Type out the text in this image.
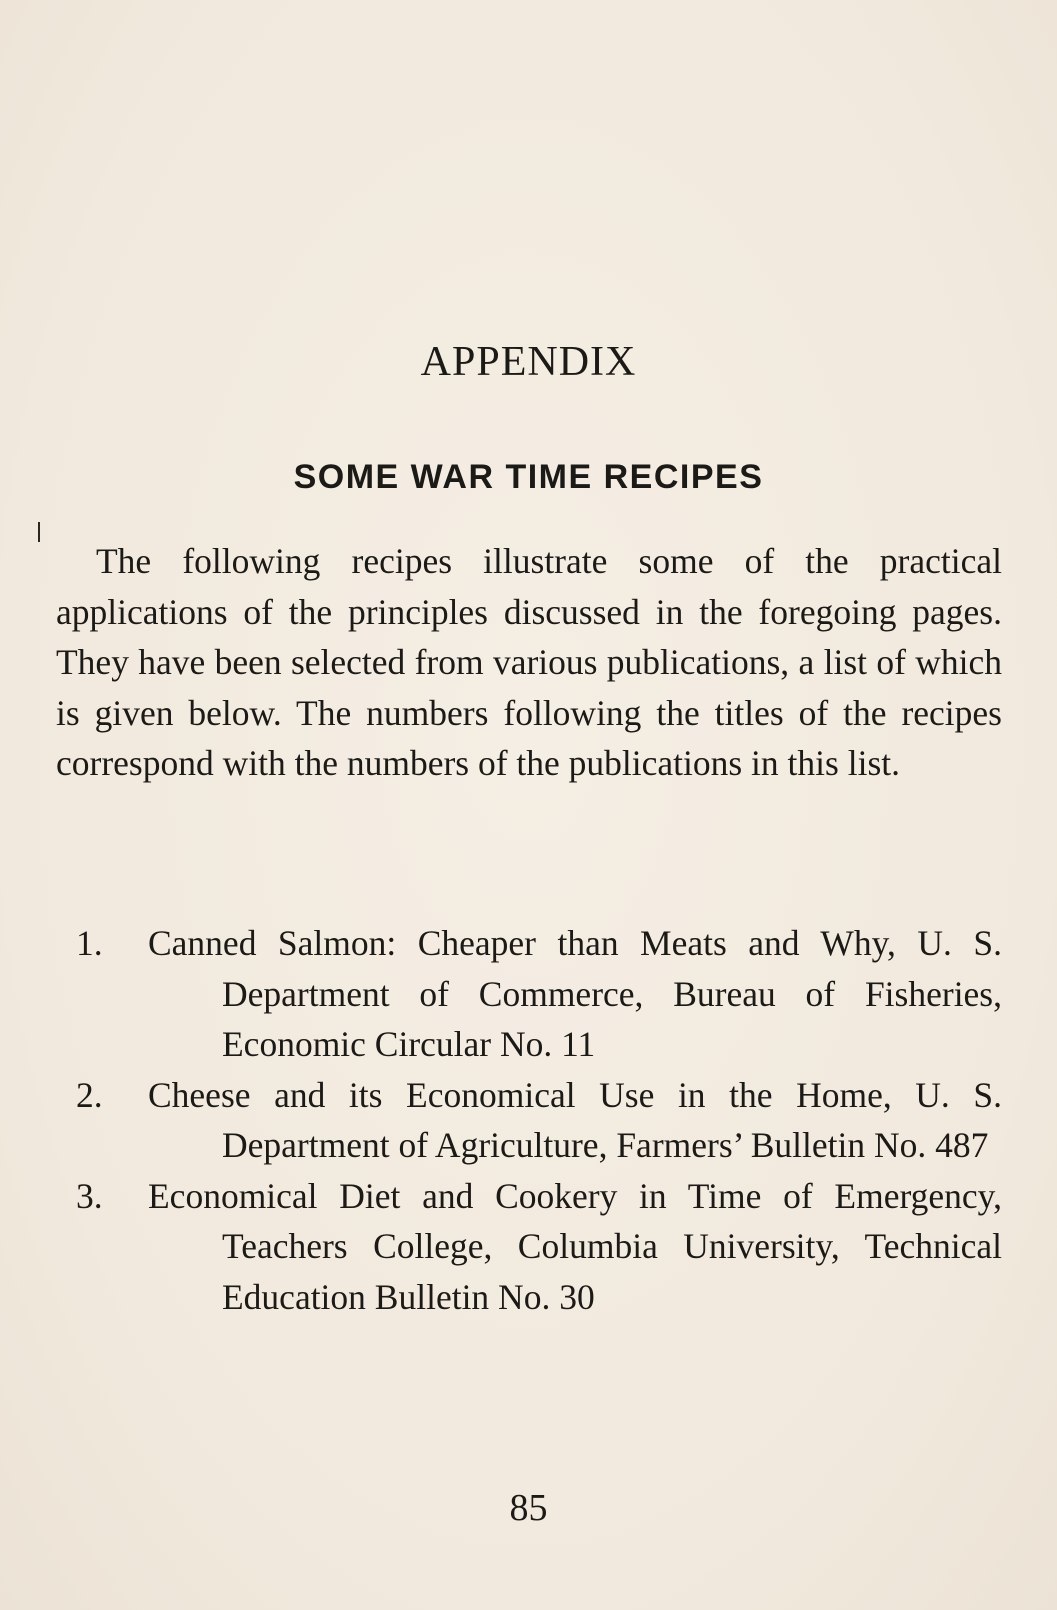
APPENDIX
SOME WAR TIME RECIPES

The following recipes illustrate some of the practical applications of the principles discussed in the foregoing pages. They have been selected from various publications, a list of which is given below. The numbers following the titles of the recipes correspond with the numbers of the publications in this list.

1.	Canned Salmon: Cheaper than Meats and Why, U. S. Department of Commerce, Bureau of Fisheries, Economic Circular No. 11
2.	Cheese and its Economical Use in the Home, U. S. Department of Agriculture, Farmers’ Bulletin No. 487
3.	Economical Diet and Cookery in Time of Emergency, Teachers College, Columbia University, Technical Education Bulletin No. 30

85
